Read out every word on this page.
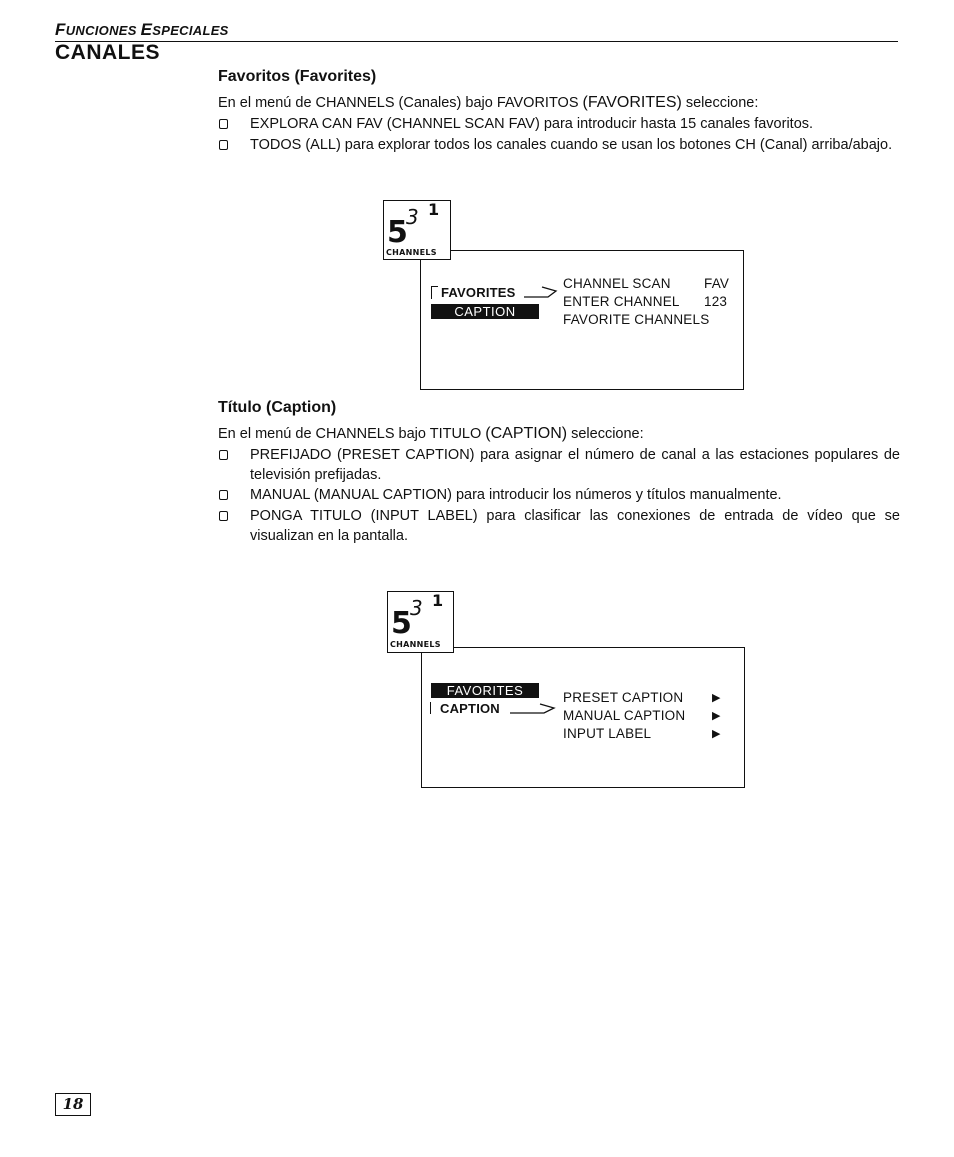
FUNCIONES ESPECIALES
CANALES
Favoritos (Favorites)
En el menú de CHANNELS (Canales) bajo FAVORITOS (FAVORITES) seleccione:
EXPLORA CAN FAV (CHANNEL SCAN FAV) para introducir hasta 15 canales favoritos.
TODOS (ALL) para explorar todos los canales cuando se usan los botones CH (Canal) arriba/abajo.
5
3 1
CHANNELS
FAVORITES
CAPTION
CHANNEL SCAN FAV
ENTER CHANNEL 123
FAVORITE CHANNELS
Título (Caption)
En el menú de CHANNELS bajo TITULO (CAPTION) seleccione:
PREFIJADO (PRESET CAPTION) para asignar el número de canal a las estaciones populares de televisión prefijadas.
MANUAL (MANUAL CAPTION) para introducir los números y títulos manualmente.
PONGA TITULO (INPUT LABEL) para clasificar las conexiones de entrada de vídeo que se visualizan en la pantalla.
5
3 1
CHANNELS
FAVORITES
CAPTION
PRESET CAPTION	▶
MANUAL CAPTION ▶
INPUT LABEL	▶
18
